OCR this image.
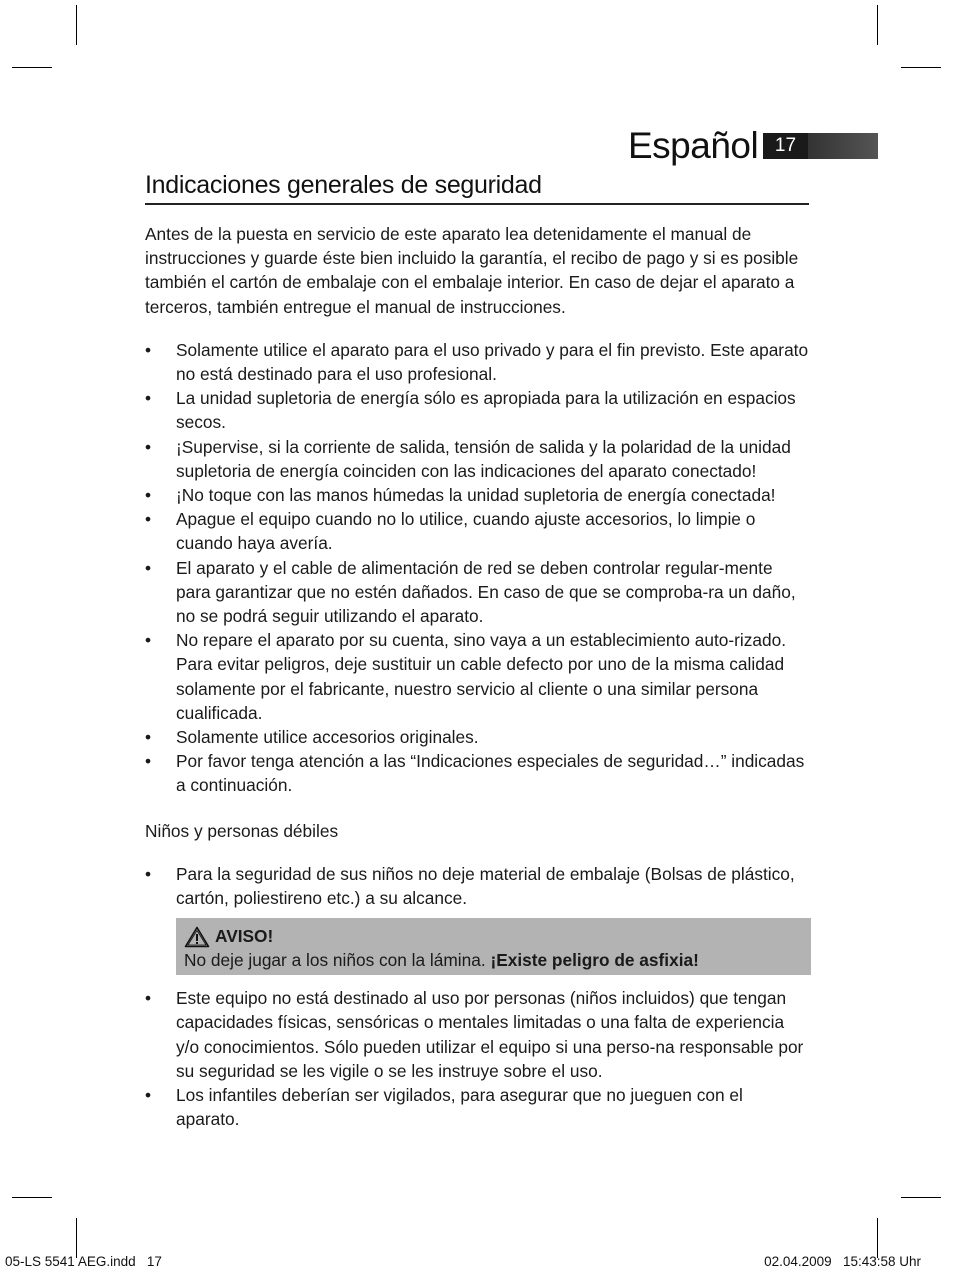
Español 17
Indicaciones generales de seguridad

Antes de la puesta en servicio de este aparato lea detenidamente el manual de instrucciones y guarde éste bien incluido la garantía, el recibo de pago y si es posible también el cartón de embalaje con el embalaje interior. En caso de dejar el aparato a terceros, también entregue el manual de instrucciones.

• Solamente utilice el aparato para el uso privado y para el fin previsto. Este aparato no está destinado para el uso profesional.
• La unidad supletoria de energía sólo es apropiada para la utilización en espacios secos.
• ¡Supervise, si la corriente de salida, tensión de salida y la polaridad de la unidad supletoria de energía coinciden con las indicaciones del aparato conectado!
• ¡No toque con las manos húmedas la unidad supletoria de energía conectada!
• Apague el equipo cuando no lo utilice, cuando ajuste accesorios, lo limpie o cuando haya avería.
• El aparato y el cable de alimentación de red se deben controlar regular-mente para garantizar que no estén dañados. En caso de que se comproba-ra un daño, no se podrá seguir utilizando el aparato.
• No repare el aparato por su cuenta, sino vaya a un establecimiento auto-rizado. Para evitar peligros, deje sustituir un cable defecto por uno de la misma calidad solamente por el fabricante, nuestro servicio al cliente o una similar persona cualificada.
• Solamente utilice accesorios originales.
• Por favor tenga atención a las “Indicaciones especiales de seguridad…” indicadas a continuación.

Niños y personas débiles

• Para la seguridad de sus niños no deje material de embalaje (Bolsas de plástico, cartón, poliestireno etc.) a su alcance.
AVISO!
No deje jugar a los niños con la lámina. ¡Existe peligro de asfixia!
• Este equipo no está destinado al uso por personas (niños incluidos) que tengan capacidades físicas, sensóricas o mentales limitadas o una falta de experiencia y/o conocimientos. Sólo pueden utilizar el equipo si una perso-na responsable por su seguridad se les vigile o se les instruye sobre el uso.
• Los infantiles deberían ser vigilados, para asegurar que no jueguen con el aparato.
05-LS 5541 AEG.indd   17	02.04.2009   15:43:58 Uhr
